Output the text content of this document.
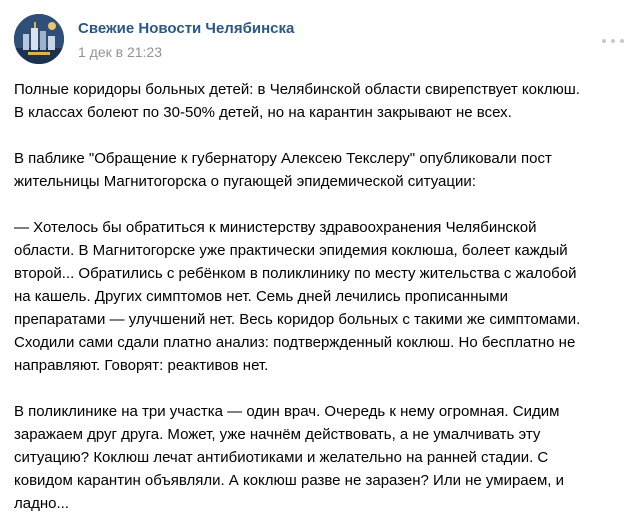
Свежие Новости Челябинска
1 дек в 21:23

Полные коридоры больных детей: в Челябинской области свирепствует коклюш.
В классах болеют по 30-50% детей, но на карантин закрывают не всех.

В паблике "Обращение к губернатору Алексею Текслеру" опубликовали пост
жительницы Магнитогорска о пугающей эпидемической ситуации:

— Хотелось бы обратиться к министерству здравоохранения Челябинской
области. В Магнитогорске уже практически эпидемия коклюша, болеет каждый
второй... Обратились с ребёнком в поликлинику по месту жительства с жалобой
на кашель. Других симптомов нет. Семь дней лечились прописанными
препаратами — улучшений нет. Весь коридор больных с такими же симптомами.
Сходили сами сдали платно анализ: подтвержденный коклюш. Но бесплатно не
направляют. Говорят: реактивов нет.

В поликлинике на три участка — один врач. Очередь к нему огромная. Сидим
заражаем друг друга. Может, уже начнём действовать, а не умалчивать эту
ситуацию? Коклюш лечат антибиотиками и желательно на ранней стадии. С
ковидом карантин объявляли. А коклюш разве не заразен? Или не умираем, и
ладно...
